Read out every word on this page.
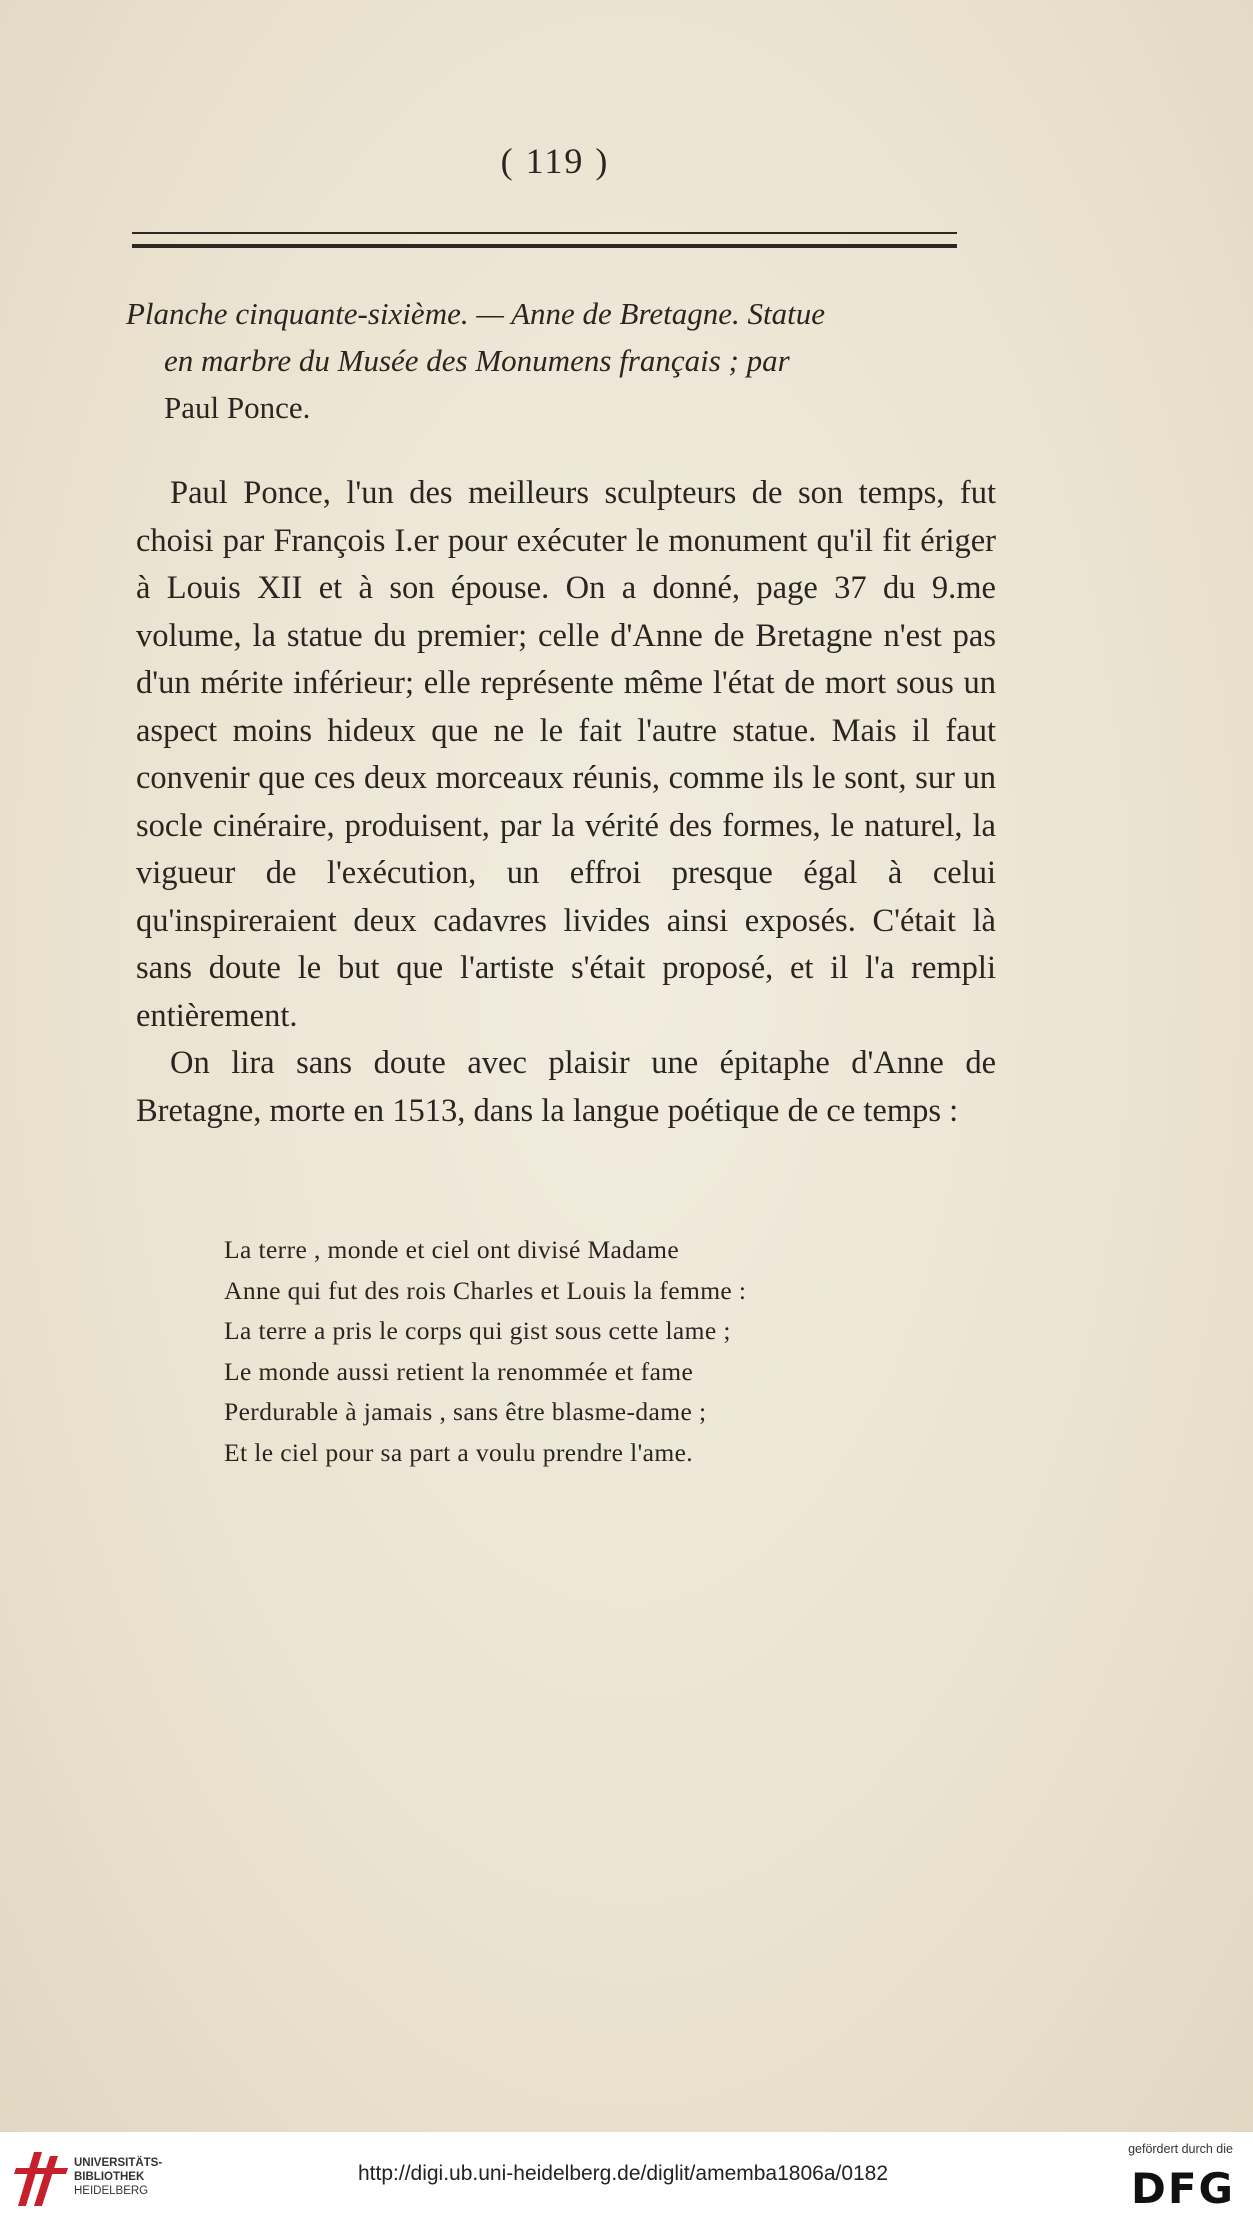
( 119 )
Planche cinquante-sixième. — Anne de Bretagne. Statue
en marbre du Musée des Monumens français ; par
Paul Ponce.

Paul Ponce, l'un des meilleurs sculpteurs de son temps, fut choisi par François I.er pour exécuter le monument qu'il fit ériger à Louis XII et à son épouse. On a donné, page 37 du 9.me volume, la statue du premier; celle d'Anne de Bretagne n'est pas d'un mérite inférieur; elle représente même l'état de mort sous un aspect moins hideux que ne le fait l'autre statue. Mais il faut convenir que ces deux morceaux réunis, comme ils le sont, sur un socle cinéraire, produisent, par la vérité des formes, le naturel, la vigueur de l'exécution, un effroi presque égal à celui qu'inspireraient deux cadavres livides ainsi exposés. C'était là sans doute le but que l'artiste s'était proposé, et il l'a rempli entièrement.

On lira sans doute avec plaisir une épitaphe d'Anne de Bretagne, morte en 1513, dans la langue poétique de ce temps :

La terre , monde et ciel ont divisé Madame
Anne qui fut des rois Charles et Louis la femme :
La terre a pris le corps qui gist sous cette lame ;
Le monde aussi retient la renommée et fame
Perdurable à jamais , sans être blasme-dame ;
Et le ciel pour sa part a voulu prendre l'ame.
UNIVERSITÄTS-
BIBLIOTHEK
HEIDELBERG
http://digi.ub.uni-heidelberg.de/diglit/amemba1806a/0182
gefördert durch die
DFG
